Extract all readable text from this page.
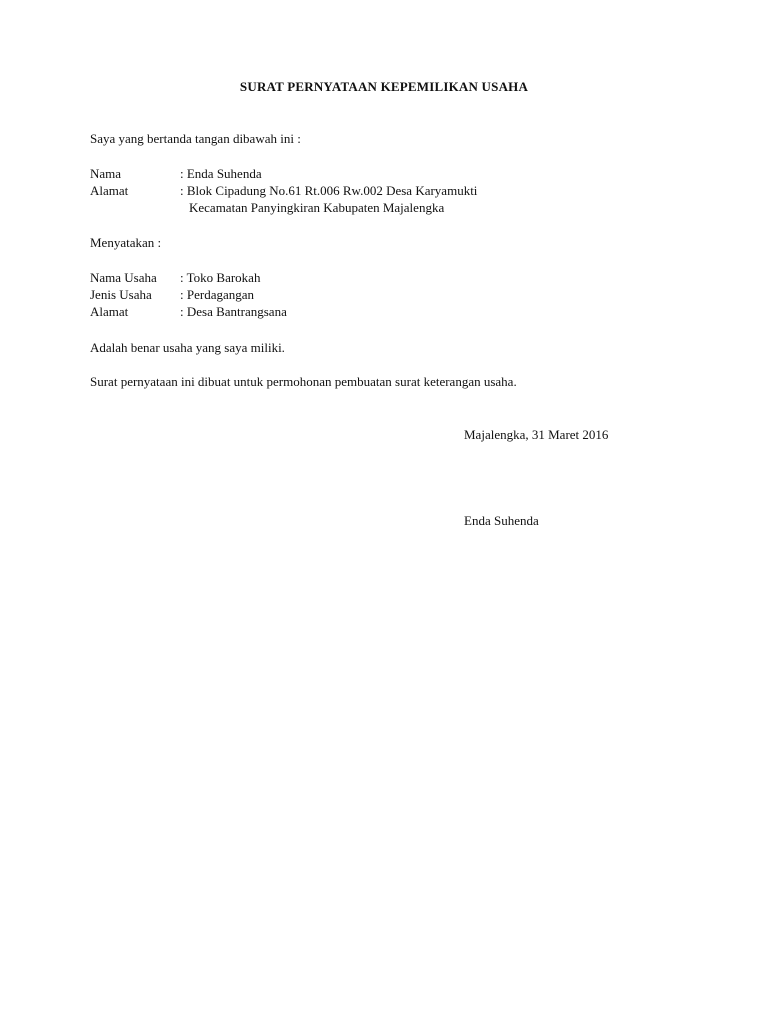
SURAT PERNYATAAN KEPEMILIKAN USAHA
Saya yang bertanda tangan dibawah ini :
Nama	: Enda Suhenda
Alamat	: Blok Cipadung No.61 Rt.006 Rw.002 Desa Karyamukti
Kecamatan Panyingkiran Kabupaten Majalengka
Menyatakan :
Nama Usaha : Toko Barokah
Jenis Usaha : Perdagangan
Alamat	: Desa Bantrangsana
Adalah benar usaha yang saya miliki.
Surat pernyataan ini dibuat untuk permohonan pembuatan surat keterangan usaha.
Majalengka, 31 Maret 2016
Enda Suhenda
